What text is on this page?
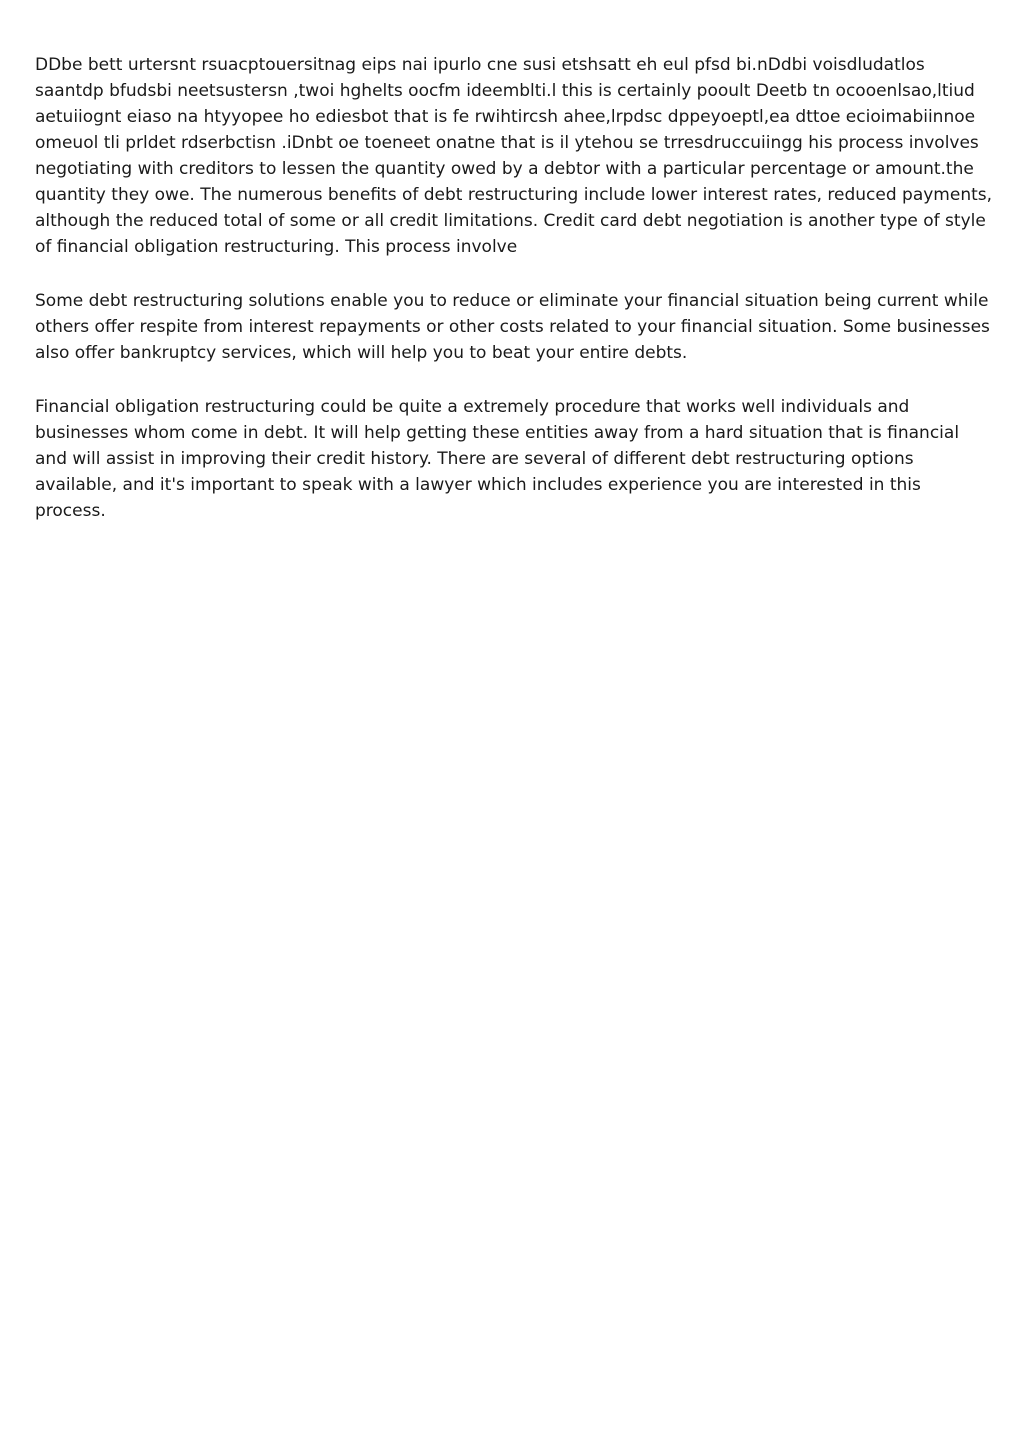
DDbe bett urtersnt rsuacptouersitnag eips nai ipurlo cne susi etshsatt eh eul pfsd bi.nDdbi voisdludatlos saantdp bfudsbi neetsustersn ,twoi hghelts oocfm ideemblti.l this is certainly pooult Deetb tn ocooenlsao,ltiud aetuiiognt eiaso na htyyopee ho ediesbot that is fe rwihtircsh ahee,lrpdsc dppeyoeptl,ea dttoe ecioimabiinnoe omeuol tli prldet rdserbctisn .iDnbt oe toeneet onatne that is il ytehou se trresdruccuiingg his process involves negotiating with creditors to lessen the quantity owed by a debtor with a particular percentage or amount.the quantity they owe. The numerous benefits of debt restructuring include lower interest rates, reduced payments, although the reduced total of some or all credit limitations. Credit card debt negotiation is another type of style of financial obligation restructuring. This process involve

Some debt restructuring solutions enable you to reduce or eliminate your financial situation being current while others offer respite from interest repayments or other costs related to your financial situation. Some businesses also offer bankruptcy services, which will help you to beat your entire debts.

Financial obligation restructuring could be quite a extremely procedure that works well individuals and businesses whom come in debt. It will help getting these entities away from a hard situation that is financial and will assist in improving their credit history. There are several of different debt restructuring options available, and it's important to speak with a lawyer which includes experience you are interested in this process.
